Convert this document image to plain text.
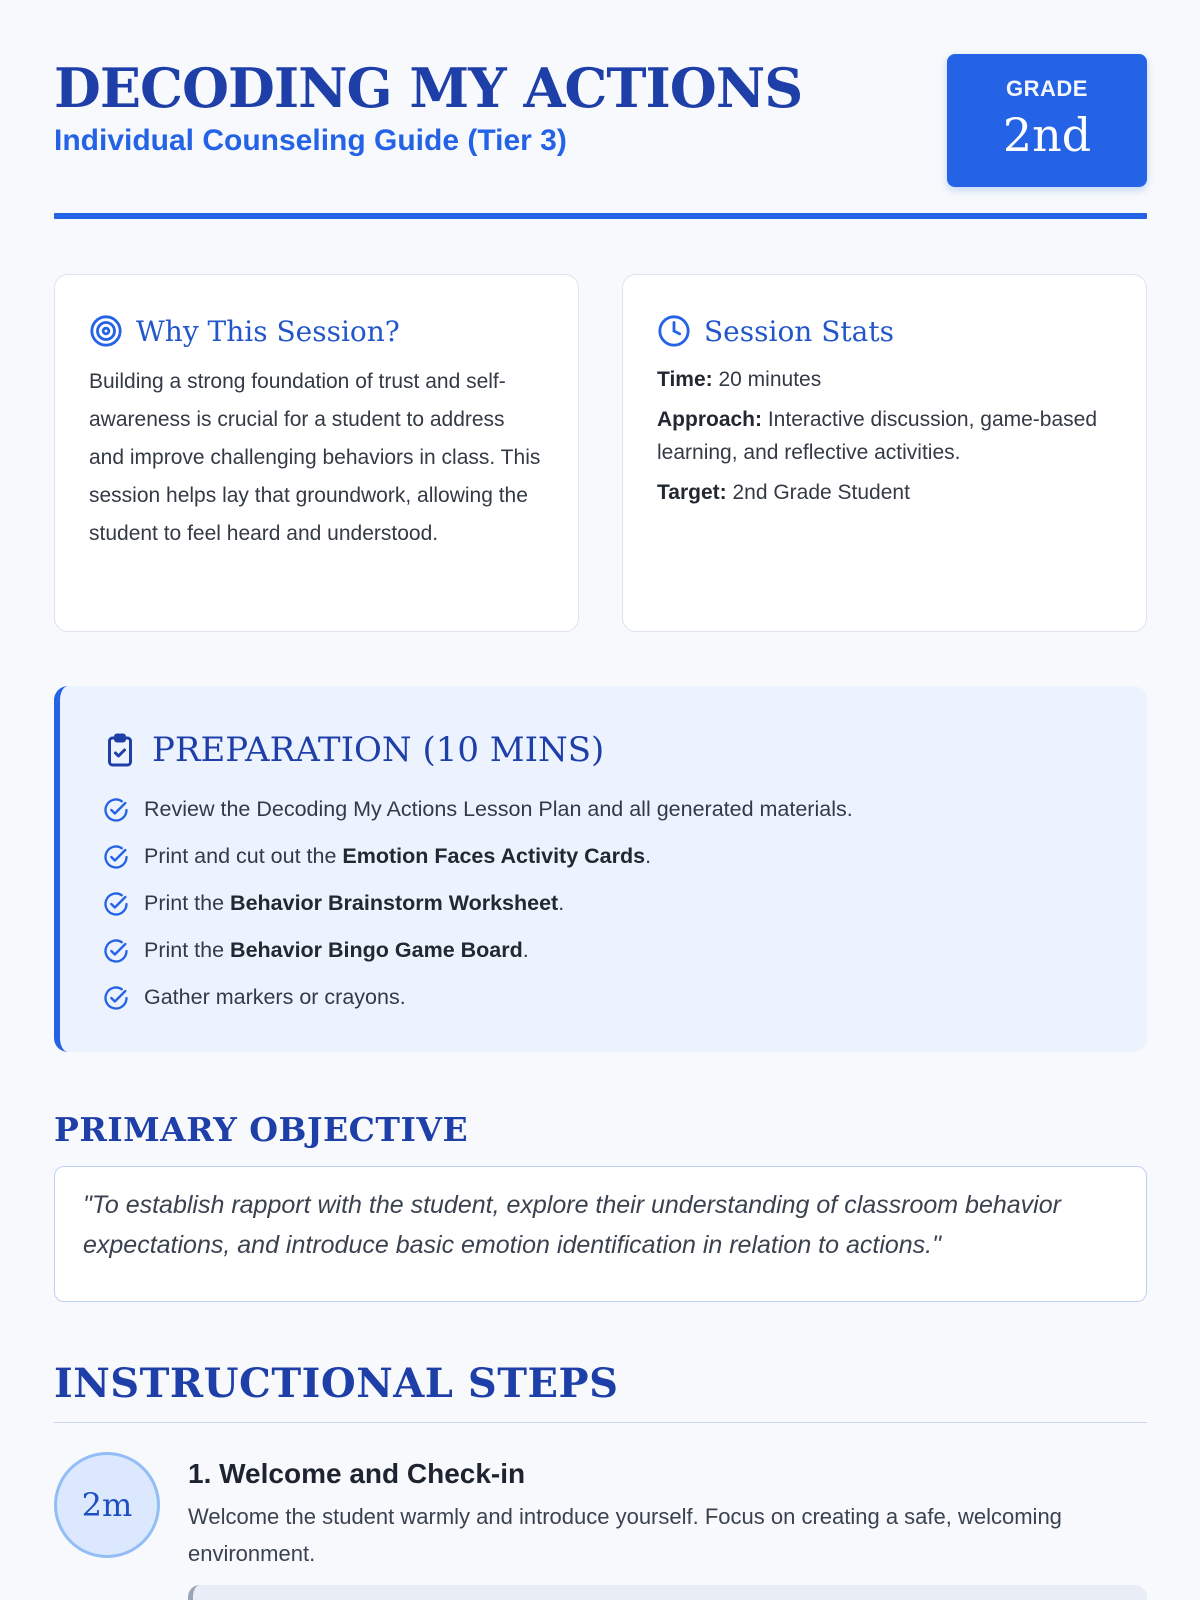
DECODING MY ACTIONS
Individual Counseling Guide (Tier 3)
GRADE
2nd
Why This Session?

Building a strong foundation of trust and self-awareness is crucial for a student to address and improve challenging behaviors in class. This session helps lay that groundwork, allowing the student to feel heard and understood.

Session Stats
Time: 20 minutes
Approach: Interactive discussion, game-based learning, and reflective activities.
Target: 2nd Grade Student
PREPARATION (10 MINS)
Review the Decoding My Actions Lesson Plan and all generated materials.
Print and cut out the Emotion Faces Activity Cards.
Print the Behavior Brainstorm Worksheet.
Print the Behavior Bingo Game Board.
Gather markers or crayons.
PRIMARY OBJECTIVE
"To establish rapport with the student, explore their understanding of classroom behavior expectations, and introduce basic emotion identification in relation to actions."
INSTRUCTIONAL STEPS
2m
1. Welcome and Check-in

Welcome the student warmly and introduce yourself. Focus on creating a safe, welcoming environment.
